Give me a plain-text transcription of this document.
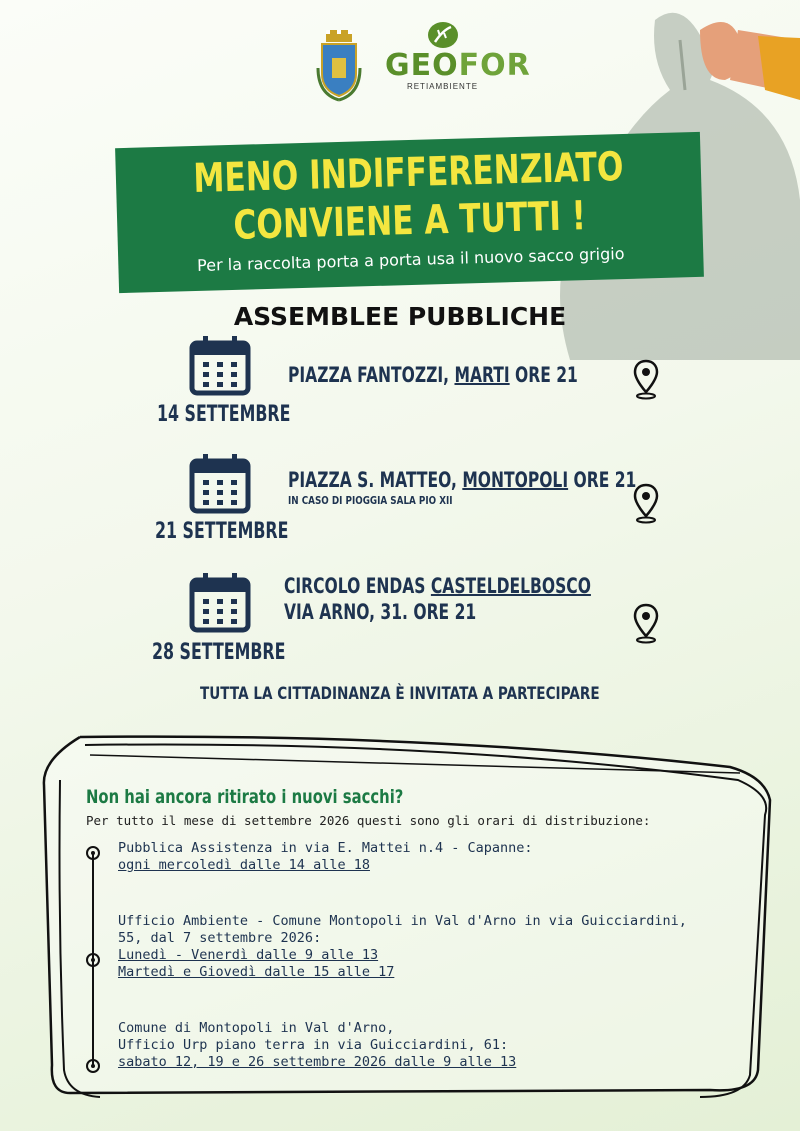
GEOFOR
RETIAMBIENTE
MENO INDIFFERENZIATO
CONVIENE A TUTTI !
Per la raccolta porta a porta usa il nuovo sacco grigio
ASSEMBLEE PUBBLICHE
14 SETTEMBRE
PIAZZA FANTOZZI, MARTI ORE 21
21 SETTEMBRE
PIAZZA S. MATTEO, MONTOPOLI ORE 21
IN CASO DI PIOGGIA SALA PIO XII
28 SETTEMBRE
CIRCOLO ENDAS CASTELDELBOSCO
VIA ARNO, 31. ORE 21
TUTTA LA CITTADINANZA È INVITATA A PARTECIPARE
Non hai ancora ritirato i nuovi sacchi?
Per tutto il mese di settembre 2026 questi sono gli orari di distribuzione:
Pubblica Assistenza in via E. Mattei n.4 - Capanne:
ogni mercoledì dalle 14 alle 18
Ufficio Ambiente - Comune Montopoli in Val d'Arno in via Guicciardini,
55, dal 7 settembre 2026:
Lunedì - Venerdì dalle 9 alle 13
Martedì e Giovedì dalle 15 alle 17
Comune di Montopoli in Val d'Arno,
Ufficio Urp piano terra in via Guicciardini, 61:
sabato 12, 19 e 26 settembre 2026 dalle 9 alle 13
